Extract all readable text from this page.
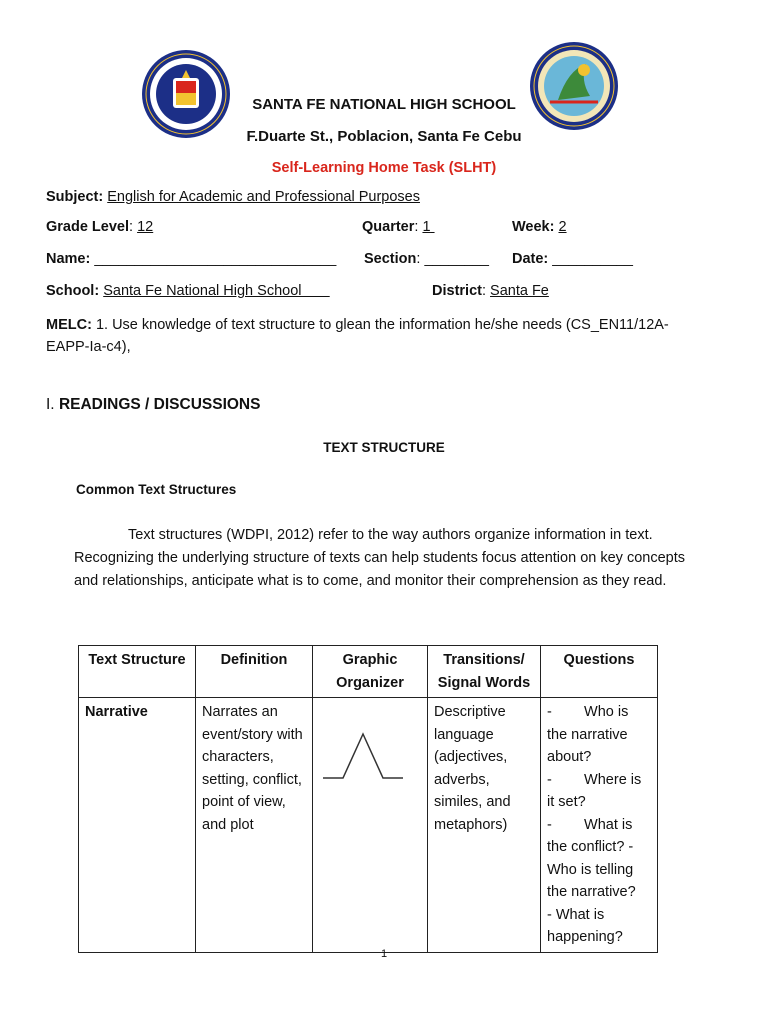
SANTA FE NATIONAL HIGH SCHOOL
F.Duarte St., Poblacion, Santa Fe Cebu
Self-Learning Home Task (SLHT)
Subject: English for Academic and Professional Purposes
Grade Level: 12	Quarter: 1	Week: 2
Name: ______________________________ Section: ________ Date: __________
School: Santa Fe National High School	District: Santa Fe
MELC: 1. Use knowledge of text structure to glean the information he/she needs (CS_EN11/12A-EAPP-Ia-c4),
I. READINGS / DISCUSSIONS
TEXT STRUCTURE
Common Text Structures
Text structures (WDPI, 2012) refer to the way authors organize information in text. Recognizing the underlying structure of texts can help students focus attention on key concepts and relationships, anticipate what is to come, and monitor their comprehension as they read.
Text Structure	Definition	Graphic Organizer	Transitions/ Signal Words	Questions
Narrative	Narrates an event/story with characters, setting, conflict, point of view, and plot		Descriptive language (adjectives, adverbs, similes, and metaphors)	-        Who is the narrative about?
-        Where is it set?
-        What is the conflict? - Who is telling the narrative?
- What is happening?
1
